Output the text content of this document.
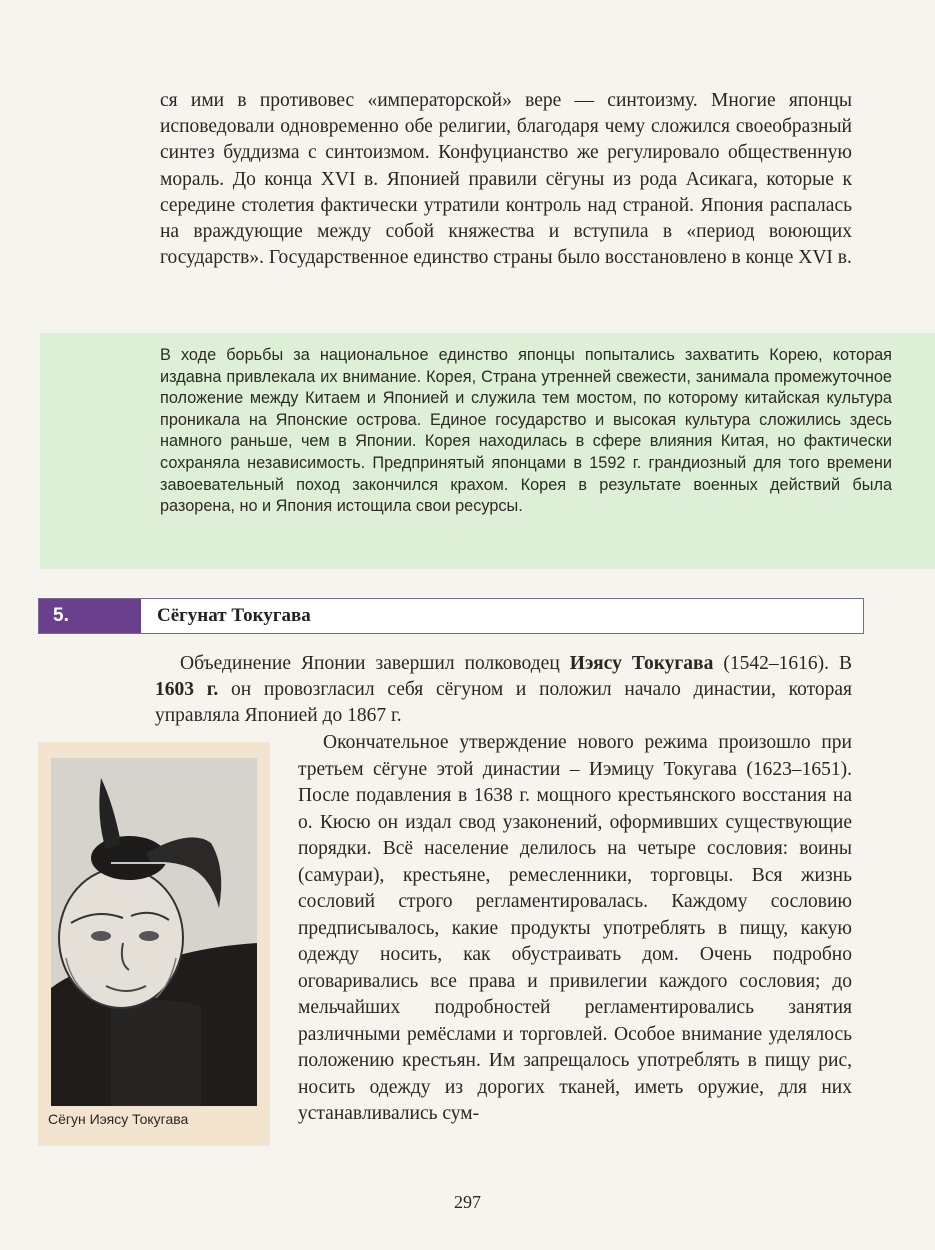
ся ими в противовес «императорской» вере — синтоизму. Многие японцы исповедовали одновременно обе религии, благодаря чему сложился своеобразный синтез буддизма с синтоизмом. Конфуцианство же регулировало общественную мораль. До конца XVI в. Японией правили сёгуны из рода Асикага, которые к середине столетия фактически утратили контроль над страной. Япония распалась на враждующие между собой княжества и вступила в «период воюющих государств». Государственное единство страны было восстановлено в конце XVI в.

В ходе борьбы за национальное единство японцы попытались захватить Корею, которая издавна привлекала их внимание. Корея, Страна утренней свежести, занимала промежуточное положение между Китаем и Японией и служила тем мостом, по которому китайская культура проникала на Японские острова. Единое государство и высокая культура сложились здесь намного раньше, чем в Японии. Корея находилась в сфере влияния Китая, но фактически сохраняла независимость. Предпринятый японцами в 1592 г. грандиозный для того времени завоевательный поход закончился крахом. Корея в результате военных действий была разорена, но и Япония истощила свои ресурсы.

5.	Сёгунат Токугава

Объединение Японии завершил полководец Иэясу Токугава (1542–1616). В 1603 г. он провозгласил себя сёгуном и положил начало династии, которая управляла Японией до 1867 г.

Сёгун Иэясу Токугава

Окончательное утверждение нового режима произошло при третьем сёгуне этой династии – Иэмицу Токугава (1623–1651). После подавления в 1638 г. мощного крестьянского восстания на о. Кюсю он издал свод узаконений, оформивших существующие порядки. Всё население делилось на четыре сословия: воины (самураи), крестьяне, ремесленники, торговцы. Вся жизнь сословий строго регламентировалась. Каждому сословию предписывалось, какие продукты употреблять в пищу, какую одежду носить, как обустраивать дом. Очень подробно оговаривались все права и привилегии каждого сословия; до мельчайших подробностей регламентировались занятия различными ремёслами и торговлей. Особое внимание уделялось положению крестьян. Им запрещалось употреблять в пищу рис, носить одежду из дорогих тканей, иметь оружие, для них устанавливались сум-

297
